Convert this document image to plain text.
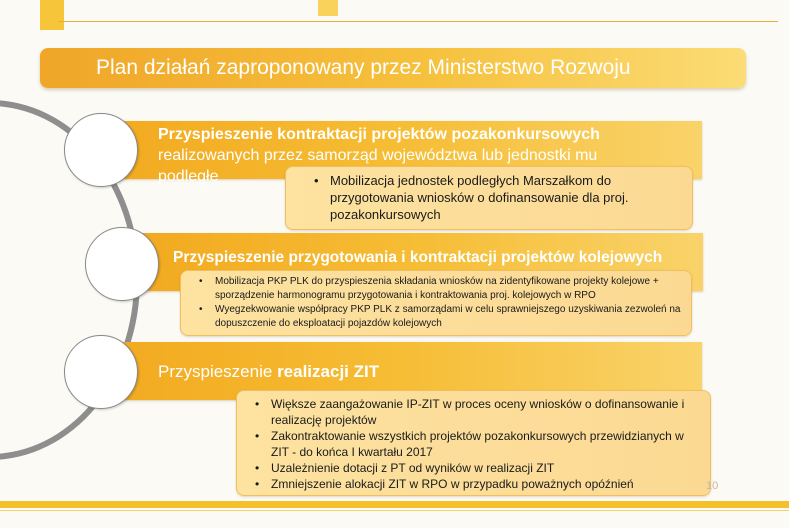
Plan działań zaproponowany przez Ministerstwo Rozwoju
Przyspieszenie kontraktacji projektów pozakonkursowych
realizowanych przez samorząd województwa lub jednostki mu
podległe
•	Mobilizacja jednostek podległych Marszałkom do przygotowania wniosków o dofinansowanie dla proj. pozakonkursowych
Przyspieszenie przygotowania i kontraktacji projektów kolejowych
• Mobilizacja PKP PLK do przyspieszenia składania wniosków na zidentyfikowane projekty kolejowe + sporządzenie harmonogramu przygotowania i kontraktowania proj. kolejowych w RPO
• Wyegzekwowanie współpracy PKP PLK z samorządami w celu sprawniejszego uzyskiwania zezwoleń na dopuszczenie do eksploatacji pojazdów kolejowych
Przyspieszenie realizacji ZIT
• Większe zaangażowanie IP-ZIT w proces oceny wniosków o dofinansowanie i realizację projektów
• Zakontraktowanie wszystkich projektów pozakonkursowych przewidzianych w ZIT - do końca I kwartału 2017
• Uzależnienie dotacji z PT od wyników w realizacji ZIT
• Zmniejszenie alokacji ZIT w RPO w przypadku poważnych opóźnień	10
